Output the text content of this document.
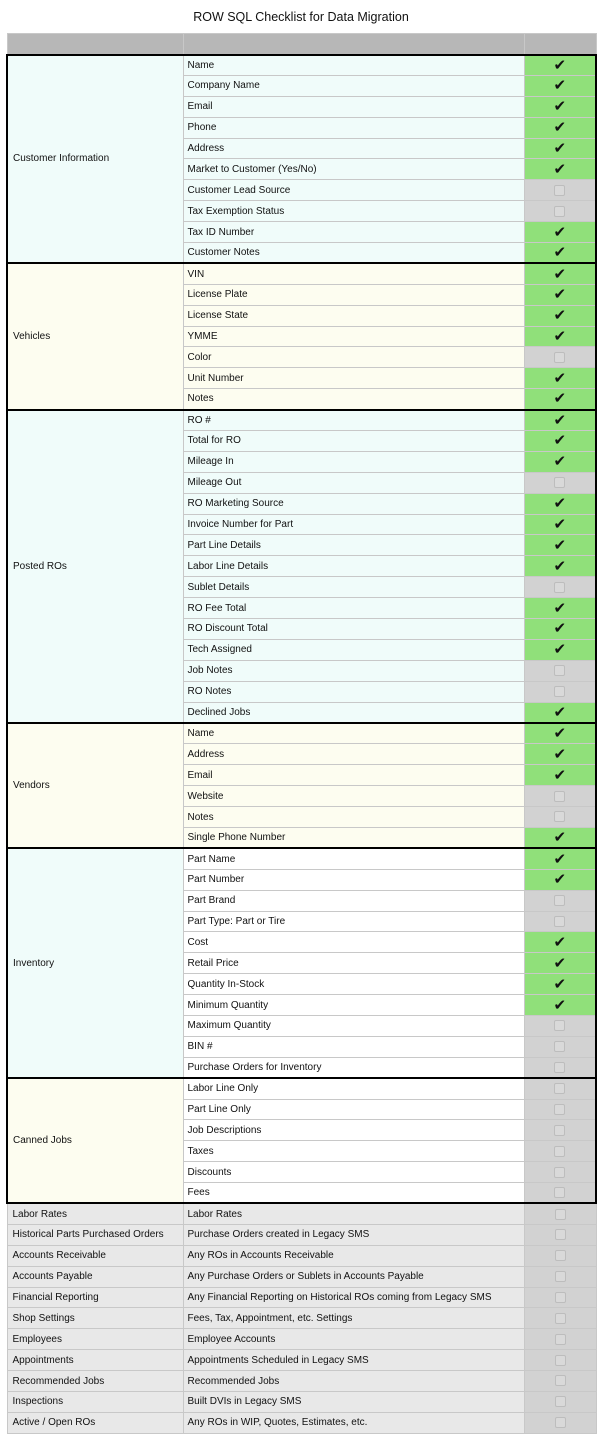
ROW SQL Checklist for Data Migration

Customer Information	Name	✔
	Company Name	✔
	Email	✔
	Phone	✔
	Address	✔
	Market to Customer (Yes/No)	✔
	Customer Lead Source	
	Tax Exemption Status	
	Tax ID Number	✔
	Customer Notes	✔
Vehicles	VIN	✔
	License Plate	✔
	License State	✔
	YMME	✔
	Color	
	Unit Number	✔
	Notes	✔
Posted ROs	RO #	✔
	Total for RO	✔
	Mileage In	✔
	Mileage Out	
	RO Marketing Source	✔
	Invoice Number for Part	✔
	Part Line Details	✔
	Labor Line Details	✔
	Sublet Details	
	RO Fee Total	✔
	RO Discount Total	✔
	Tech Assigned	✔
	Job Notes	
	RO Notes	
	Declined Jobs	✔
Vendors	Name	✔
	Address	✔
	Email	✔
	Website	
	Notes	
	Single Phone Number	✔
Inventory	Part Name	✔
	Part Number	✔
	Part Brand	
	Part Type: Part or Tire	
	Cost	✔
	Retail Price	✔
	Quantity In-Stock	✔
	Minimum Quantity	✔
	Maximum Quantity	
	BIN #	
	Purchase Orders for Inventory	
Canned Jobs	Labor Line Only	
	Part Line Only	
	Job Descriptions	
	Taxes	
	Discounts	
	Fees	
Labor Rates	Labor Rates	
Historical Parts Purchased Orders	Purchase Orders created in Legacy SMS	
Accounts Receivable	Any ROs in Accounts Receivable	
Accounts Payable	Any Purchase Orders or Sublets in Accounts Payable	
Financial Reporting	Any Financial Reporting on Historical ROs coming from Legacy SMS	
Shop Settings	Fees, Tax, Appointment, etc. Settings	
Employees	Employee Accounts	
Appointments	Appointments Scheduled in Legacy SMS	
Recommended Jobs	Recommended Jobs	
Inspections	Built DVIs in Legacy SMS	
Active / Open ROs	Any ROs in WIP, Quotes, Estimates, etc.	
